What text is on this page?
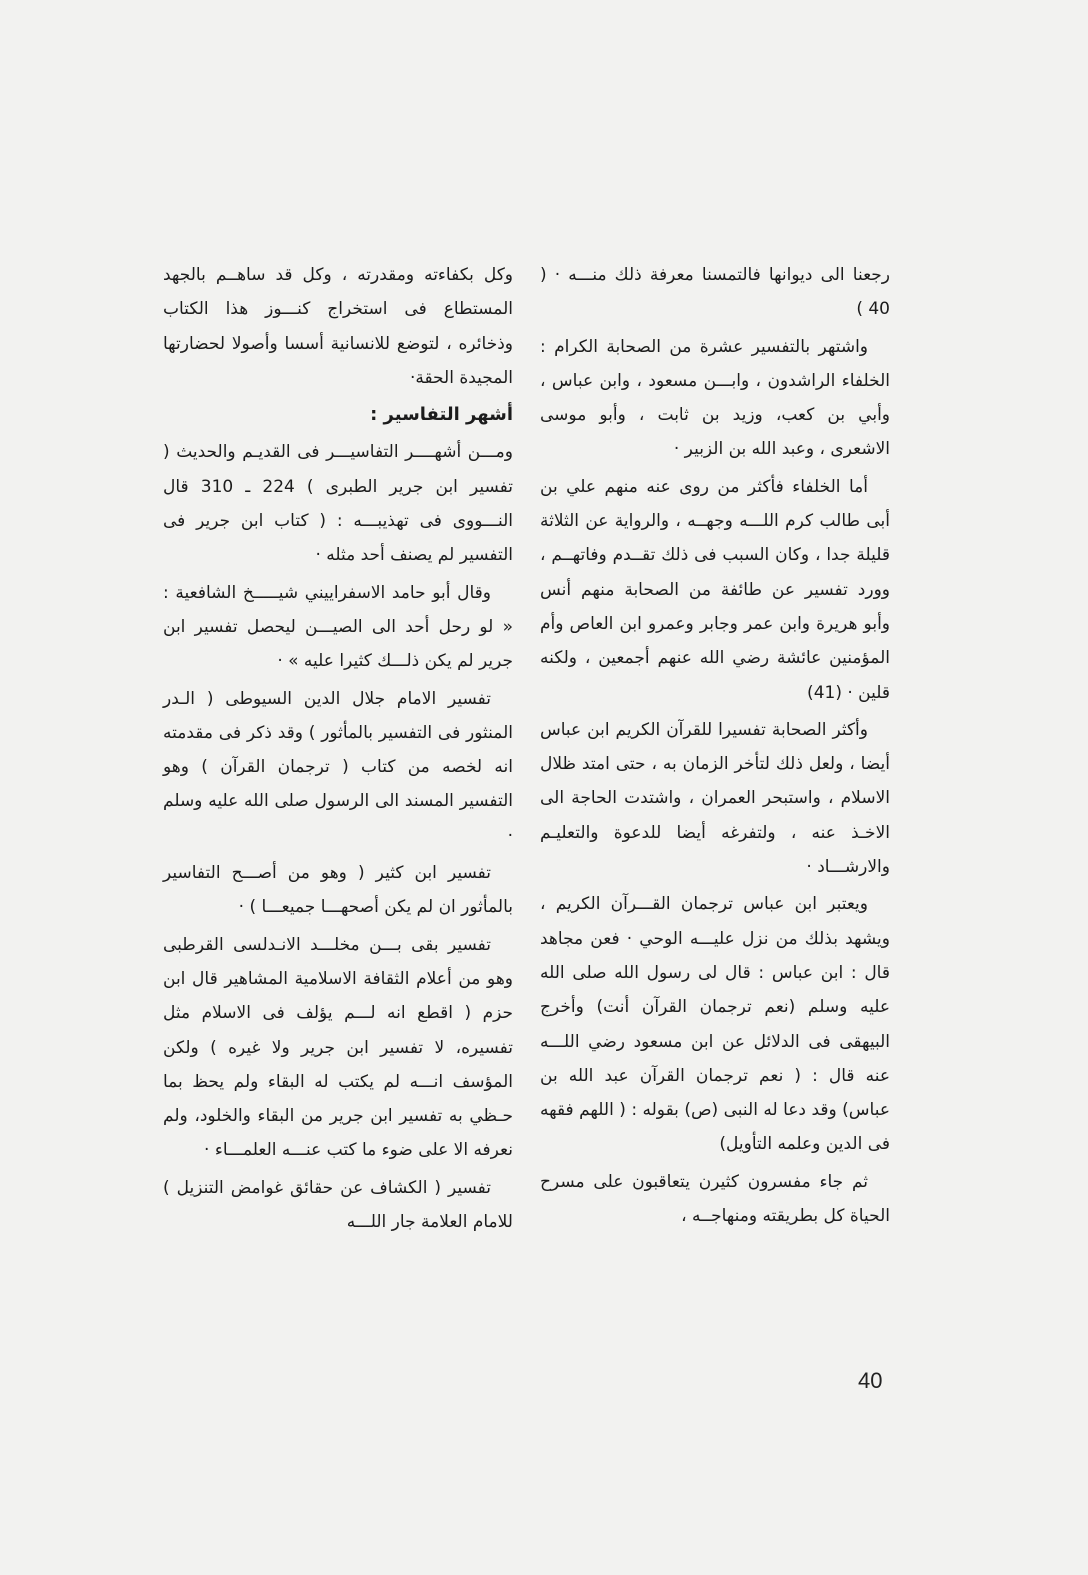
رجعنا الى ديوانها فالتمسنا معرفة ذلك منـــه · ( 40 )

واشتهر بالتفسير عشرة من الصحابة الكرام : الخلفاء الراشدون ، وابـــن مسعود ، وابن عباس ، وأبي بن كعب، وزيد بن ثابت ، وأبو موسى الاشعرى ، وعبد الله بن الزبير ·

أما الخلفاء فأكثر من روى عنه منهم علي بن أبى طالب كرم اللـــه وجهــه ، والرواية عن الثلاثة قليلة جدا ، وكان السبب فى ذلك تقــدم وفاتهــم ، وورد تفسير عن طائفة من الصحابة منهم أنس وأبو هريرة وابن عمر وجابر وعمرو ابن العاص وأم المؤمنين عائشة رضي الله عنهم أجمعين ، ولكنه قلين · (41)

وأكثر الصحابة تفسيرا للقرآن الكريم ابن عباس أيضا ، ولعل ذلك لتأخر الزمان به ، حتى امتد ظلال الاسلام ، واستبحر العمران ، واشتدت الحاجة الى الاخـذ عنه ، ولتفرغه أيضا للدعوة والتعليـم والارشـــاد ·

ويعتبر ابن عباس ترجمان القـــرآن الكريم ، ويشهد بذلك من نزل عليـــه الوحي · فعن مجاهد قال : ابن عباس : قال لى رسول الله صلى الله عليه وسلم (نعم ترجمان القرآن أنت) وأخرج البيهقى فى الدلائل عن ابن مسعود رضي اللـــه عنه قال : ( نعم ترجمان القرآن عبد الله بن عباس) وقد دعا له النبى (ص) بقوله : ( اللهم فقهه فى الدين وعلمه التأويل)

ثم جاء مفسرون كثيرن يتعاقبون على مسرح الحياة كل بطريقته ومنهاجــه ،

وكل بكفاءته ومقدرته ، وكل قد ساهــم بالجهد المستطاع فى استخراج كنـــوز هذا الكتاب وذخائره ، لتوضع للانسانية أسسا وأصولا لحضارتها المجيدة الحقة·

أشهر التفاسير :

ومـــن أشهــــر التفاسيـــر فى القديـم والحديث ( تفسير ابن جرير الطبرى ) 224 ـ 310 قال النـــووى فى تهذيبـــه : ( كتاب ابن جرير فى التفسير لم يصنف أحد مثله ·

وقال أبو حامد الاسفراييني شيـــــخ الشافعية : « لو رحل أحد الى الصيـــن ليحصل تفسير ابن جرير لم يكن ذلـــك كثيرا عليه » ·

تفسير الامام جلال الدين السيوطى ( الـدر المنثور فى التفسير بالمأثور ) وقد ذكر فى مقدمته انه لخصه من كتاب ( ترجمان القرآن ) وهو التفسير المسند الى الرسول صلى الله عليه وسلم ·

تفسير ابن كثير ( وهو من أصـــح التفاسير بالمأثور ان لم يكن أصحهـــا جميعـــا ) ·

تفسير بقى بـــن مخلـــد الانـدلسى القرطبى وهو من أعلام الثقافة الاسلامية المشاهير قال ابن حزم ( اقطع انه لـــم يؤلف فى الاسلام مثل تفسيره، لا تفسير ابن جرير ولا غيره ) ولكن المؤسف انـــه لم يكتب له البقاء ولم يحظ بما حـظي به تفسير ابن جرير من البقاء والخلود، ولم نعرفه الا على ضوء ما كتب عنـــه العلمـــاء ·

تفسير ( الكشاف عن حقائق غوامض التنزيل ) للامام العلامة جار اللـــه

40
